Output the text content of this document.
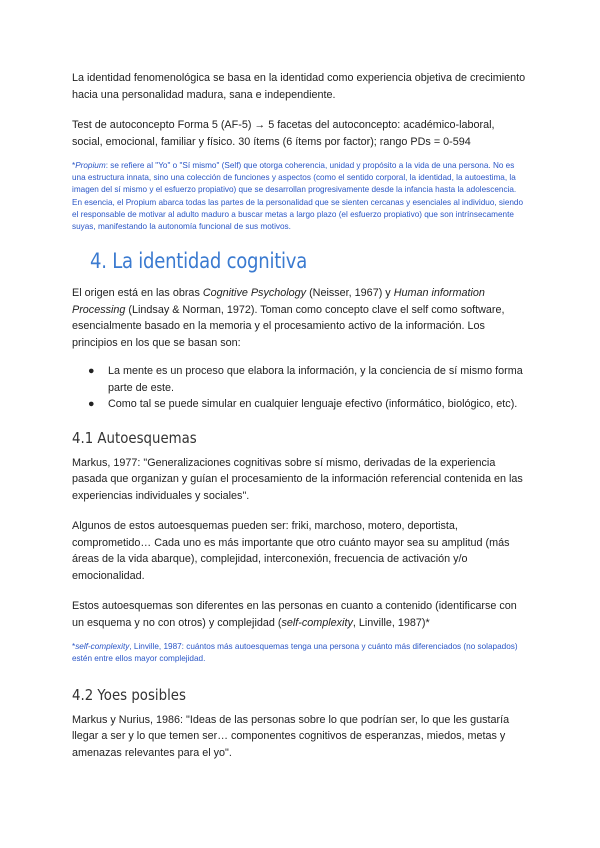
La identidad fenomenológica se basa en la identidad como experiencia objetiva de crecimiento hacia una personalidad madura, sana e independiente.

Test de autoconcepto Forma 5 (AF-5) → 5 facetas del autoconcepto: académico-laboral, social, emocional, familiar y físico. 30 ítems (6 ítems por factor); rango PDs = 0-594

*Propium: se refiere al "Yo" o "Sí mismo" (Self) que otorga coherencia, unidad y propósito a la vida de una persona. No es una estructura innata, sino una colección de funciones y aspectos (como el sentido corporal, la identidad, la autoestima, la imagen del sí mismo y el esfuerzo propiativo) que se desarrollan progresivamente desde la infancia hasta la adolescencia. En esencia, el Propium abarca todas las partes de la personalidad que se sienten cercanas y esenciales al individuo, siendo el responsable de motivar al adulto maduro a buscar metas a largo plazo (el esfuerzo propiativo) que son intrínsecamente suyas, manifestando la autonomía funcional de sus motivos.

4. La identidad cognitiva

El origen está en las obras Cognitive Psychology (Neisser, 1967) y Human information Processing (Lindsay & Norman, 1972). Toman como concepto clave el self como software, esencialmente basado en la memoria y el procesamiento activo de la información. Los principios en los que se basan son:

● La mente es un proceso que elabora la información, y la conciencia de sí mismo forma parte de este.
● Como tal se puede simular en cualquier lenguaje efectivo (informático, biológico, etc).
4.1 Autoesquemas

Markus, 1977: "Generalizaciones cognitivas sobre sí mismo, derivadas de la experiencia pasada que organizan y guían el procesamiento de la información referencial contenida en las experiencias individuales y sociales".

Algunos de estos autoesquemas pueden ser: friki, marchoso, motero, deportista, comprometido… Cada uno es más importante que otro cuánto mayor sea su amplitud (más áreas de la vida abarque), complejidad, interconexión, frecuencia de activación y/o emocionalidad.

Estos autoesquemas son diferentes en las personas en cuanto a contenido (identificarse con un esquema y no con otros) y complejidad (self-complexity, Linville, 1987)*

*self-complexity, Linville, 1987: cuántos más autoesquemas tenga una persona y cuánto más diferenciados (no solapados) estén entre ellos mayor complejidad.

4.2 Yoes posibles

Markus y Nurius, 1986: "Ideas de las personas sobre lo que podrían ser, lo que les gustaría llegar a ser y lo que temen ser… componentes cognitivos de esperanzas, miedos, metas y amenazas relevantes para el yo".
